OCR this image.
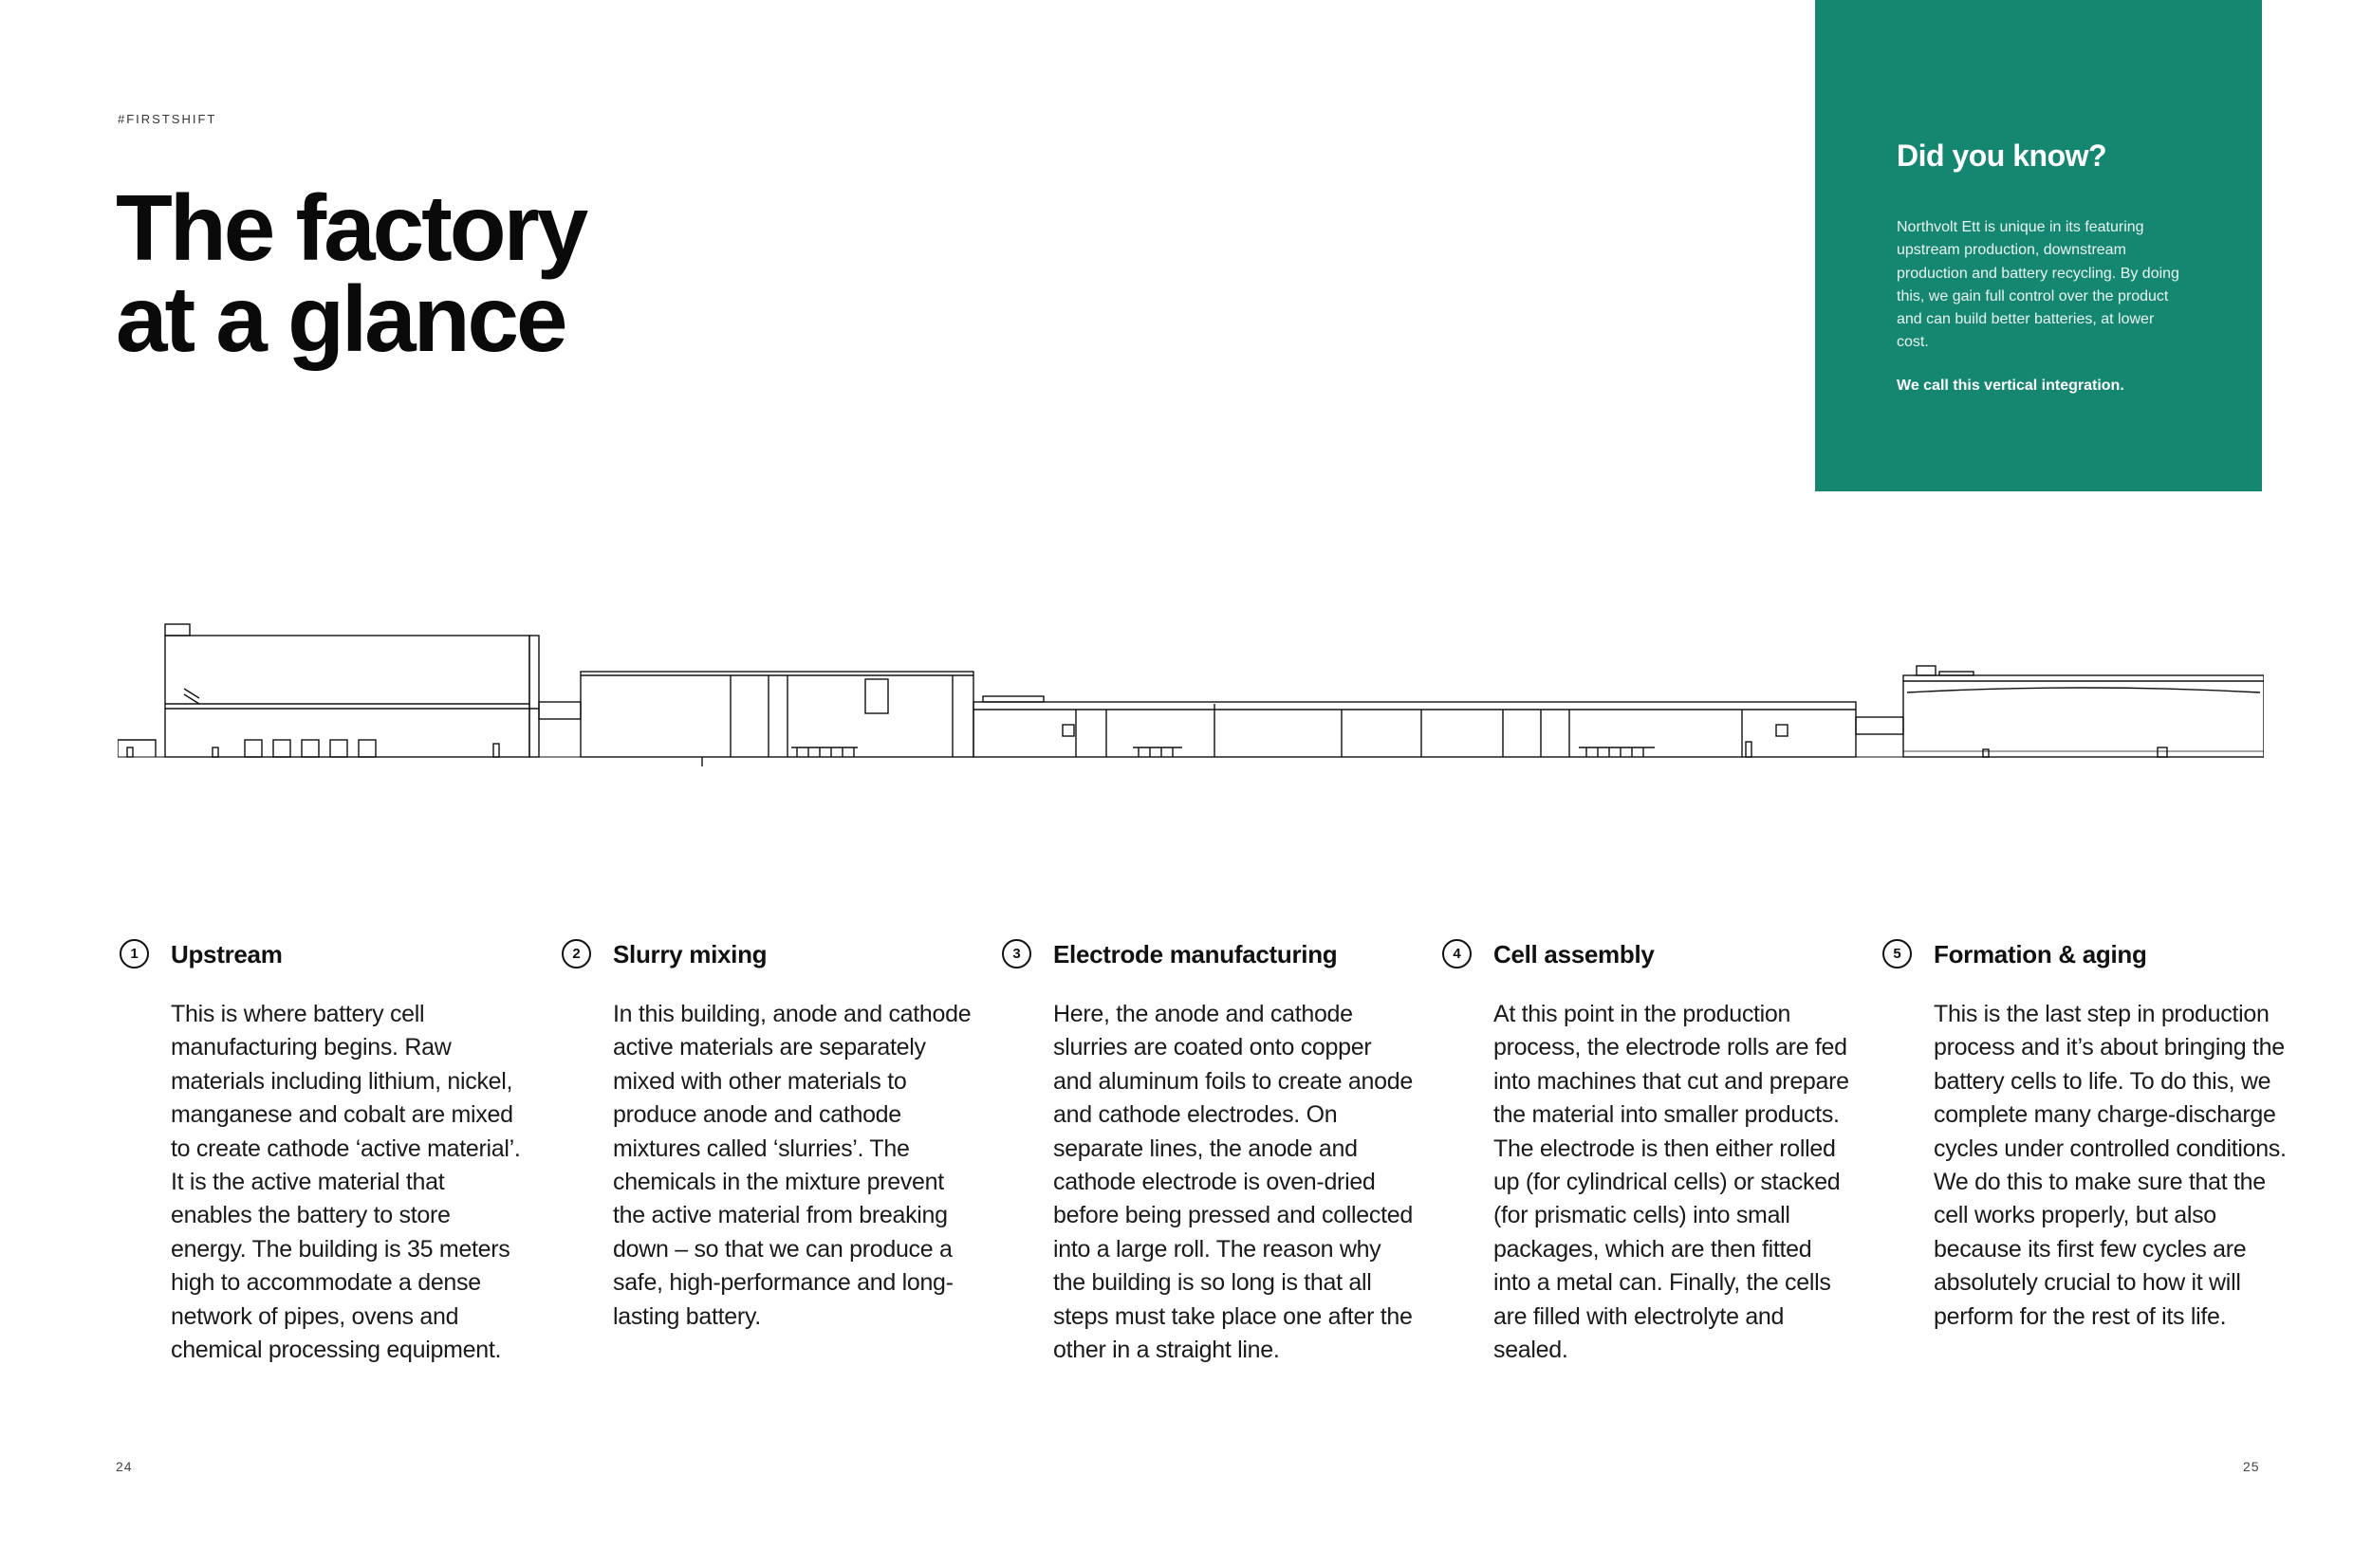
#FIRSTSHIFT
The factory
at a glance
Did you know?

Northvolt Ett is unique in its featuring upstream production, downstream production and battery recycling. By doing this, we gain full control over the product and can build better batteries, at lower cost.

We call this vertical integration.

1	Upstream

This is where battery cell manufacturing begins. Raw materials including lithium, nickel, manganese and cobalt are mixed to create cathode ‘active material’. It is the active material that enables the battery to store energy. The building is 35 meters high to accommodate a dense network of pipes, ovens and chemical processing equipment.

2	Slurry mixing

In this building, anode and cathode active materials are separately mixed with other materials to produce anode and cathode mixtures called ‘slurries’. The chemicals in the mixture prevent the active material from breaking down – so that we can produce a safe, high-performance and long-lasting battery.

3	Electrode manufacturing

Here, the anode and cathode slurries are coated onto copper and aluminum foils to create anode and cathode electrodes. On separate lines, the anode and cathode electrode is oven-dried before being pressed and collected into a large roll. The reason why the building is so long is that all steps must take place one after the other in a straight line.

4	Cell assembly

At this point in the production process, the electrode rolls are fed into machines that cut and prepare the material into smaller products. The electrode is then either rolled up (for cylindrical cells) or stacked (for prismatic cells) into small packages, which are then fitted into a metal can. Finally, the cells are filled with electrolyte and sealed.

5	Formation & aging

This is the last step in production process and it’s about bringing the battery cells to life. To do this, we complete many charge-discharge cycles under controlled conditions. We do this to make sure that the cell works properly, but also because its first few cycles are absolutely crucial to how it will perform for the rest of its life.

24	25
